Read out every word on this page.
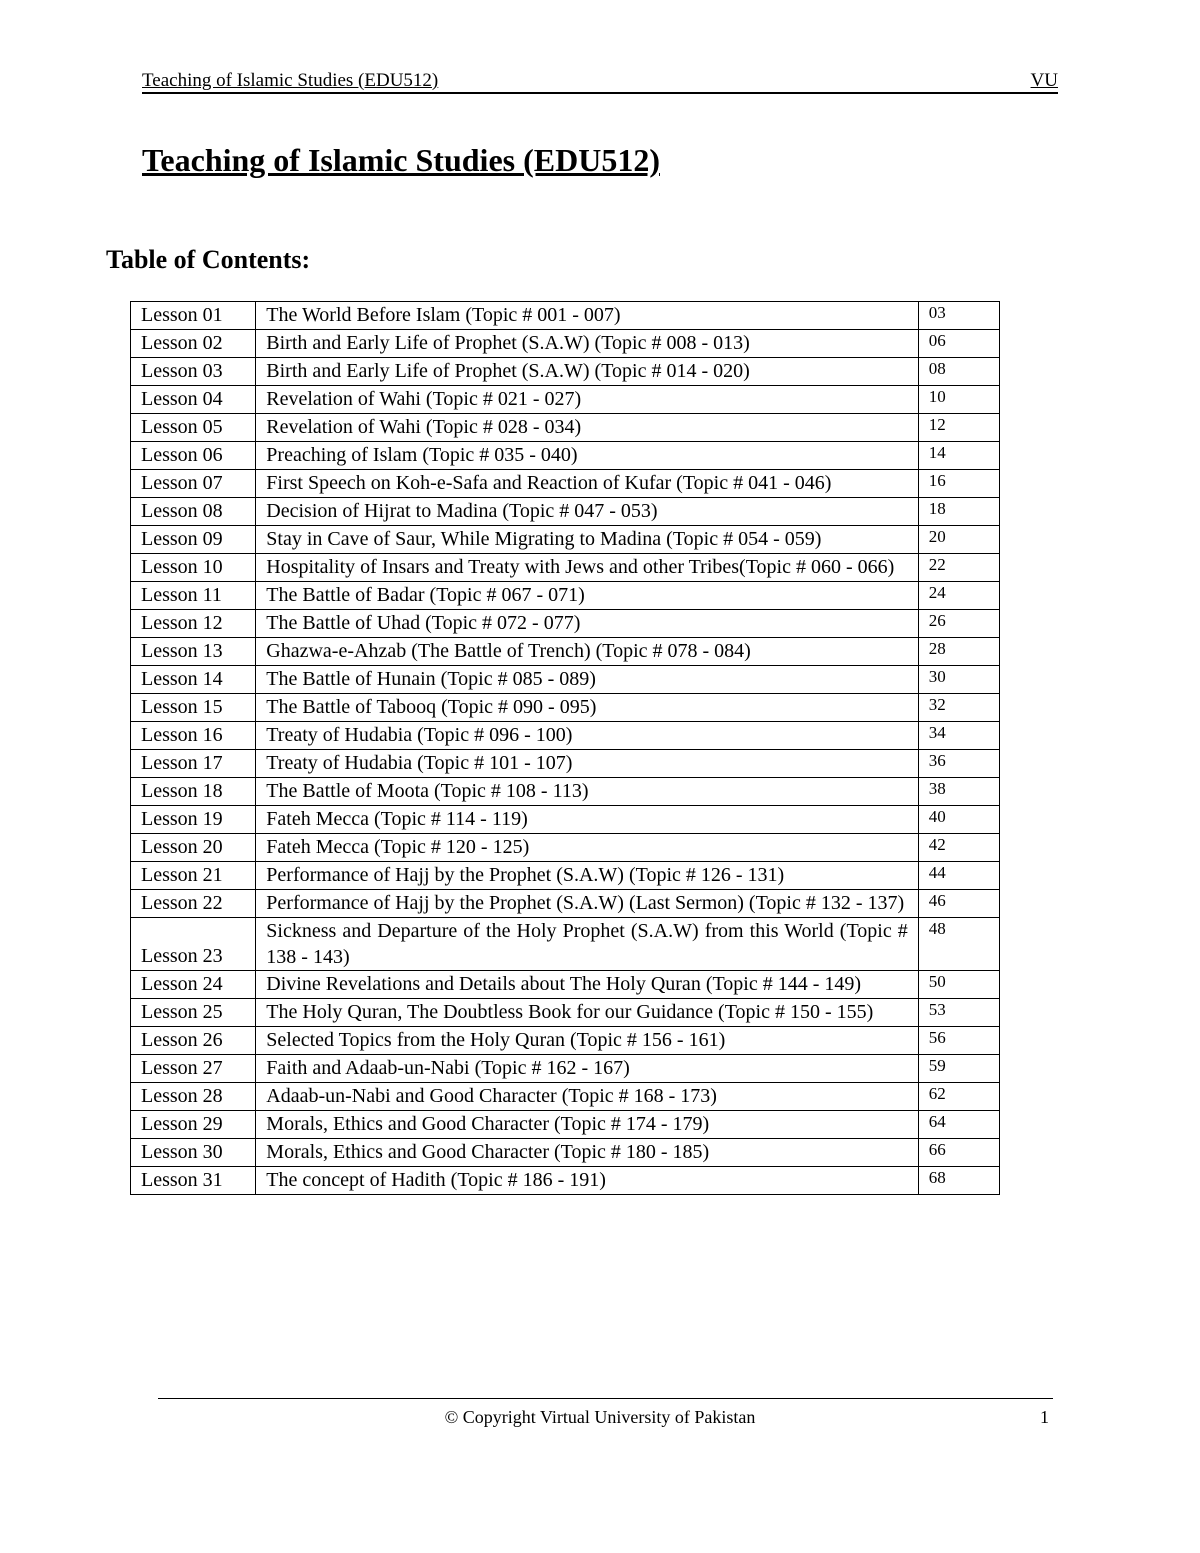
Teaching of Islamic Studies (EDU512)	VU
Teaching of Islamic Studies (EDU512)
Table of Contents:
Lesson 01	The World Before Islam (Topic # 001 - 007)	03
Lesson 02	Birth and Early Life of Prophet (S.A.W) (Topic # 008 - 013)	06
Lesson 03	Birth and Early Life of Prophet (S.A.W) (Topic # 014 - 020)	08
Lesson 04	Revelation of Wahi (Topic # 021 - 027)	10
Lesson 05	Revelation of Wahi (Topic # 028 - 034)	12
Lesson 06	Preaching of Islam (Topic # 035 - 040)	14
Lesson 07	First Speech on Koh-e-Safa and Reaction of Kufar (Topic # 041 - 046)	16
Lesson 08	Decision of Hijrat to Madina (Topic # 047 - 053)	18
Lesson 09	Stay in Cave of Saur, While Migrating to Madina (Topic # 054 - 059)	20
Lesson 10	Hospitality of Insars and Treaty with Jews and other Tribes(Topic # 060 - 066)	22
Lesson 11	The Battle of Badar (Topic # 067 - 071)	24
Lesson 12	The Battle of Uhad (Topic # 072 - 077)	26
Lesson 13	Ghazwa-e-Ahzab (The Battle of Trench) (Topic # 078 - 084)	28
Lesson 14	The Battle of Hunain (Topic # 085 - 089)	30
Lesson 15	The Battle of Tabooq (Topic # 090 - 095)	32
Lesson 16	Treaty of Hudabia (Topic # 096 - 100)	34
Lesson 17	Treaty of Hudabia (Topic # 101 - 107)	36
Lesson 18	The Battle of Moota (Topic # 108 - 113)	38
Lesson 19	Fateh Mecca (Topic # 114 - 119)	40
Lesson 20	Fateh Mecca (Topic # 120 - 125)	42
Lesson 21	Performance of Hajj by the Prophet (S.A.W) (Topic # 126 - 131)	44
Lesson 22	Performance of Hajj by the Prophet (S.A.W) (Last Sermon) (Topic # 132 - 137)	46
Lesson 23	Sickness and Departure of the Holy Prophet (S.A.W) from this World (Topic # 138 - 143)	48
Lesson 24	Divine Revelations and Details about The Holy Quran (Topic # 144 - 149)	50
Lesson 25	The Holy Quran, The Doubtless Book for our Guidance (Topic # 150 - 155)	53
Lesson 26	Selected Topics from the Holy Quran (Topic # 156 - 161)	56
Lesson 27	Faith and Adaab-un-Nabi (Topic # 162 - 167)	59
Lesson 28	Adaab-un-Nabi and Good Character (Topic # 168 - 173)	62
Lesson 29	Morals, Ethics and Good Character (Topic # 174 - 179)	64
Lesson 30	Morals, Ethics and Good Character (Topic # 180 - 185)	66
Lesson 31	The concept of Hadith (Topic # 186 - 191)	68
© Copyright Virtual University of Pakistan	1
